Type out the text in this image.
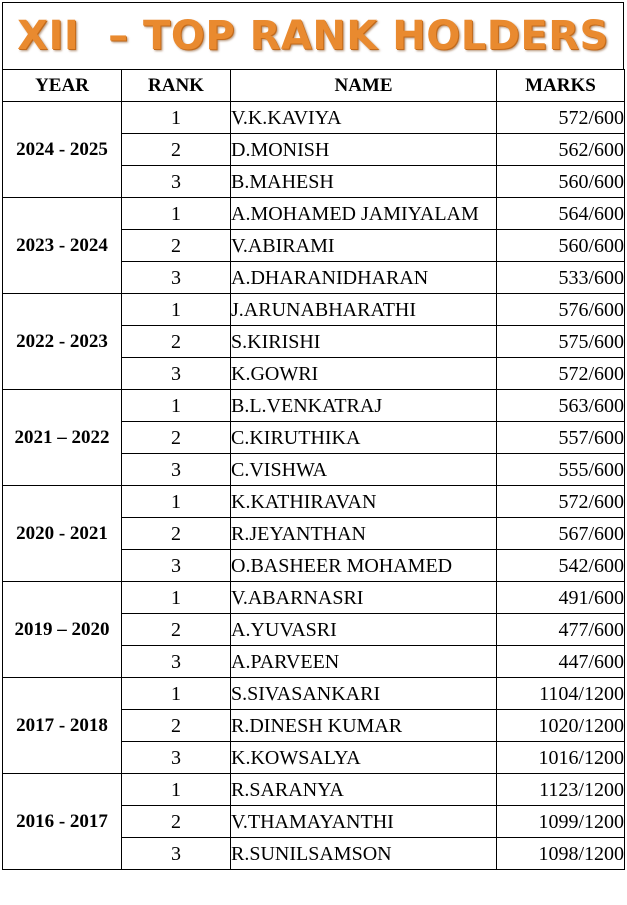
XII  – TOP RANK HOLDERS
YEAR	RANK	NAME	MARKS
2024 - 2025	1	V.K.KAVIYA	572/600
	2	D.MONISH	562/600
	3	B.MAHESH	560/600
2023 - 2024	1	A.MOHAMED JAMIYALAM	564/600
	2	V.ABIRAMI	560/600
	3	A.DHARANIDHARAN	533/600
2022 - 2023	1	J.ARUNABHARATHI	576/600
	2	S.KIRISHI	575/600
	3	K.GOWRI	572/600
2021 – 2022	1	B.L.VENKATRAJ	563/600
	2	C.KIRUTHIKA	557/600
	3	C.VISHWA	555/600
2020 - 2021	1	K.KATHIRAVAN	572/600
	2	R.JEYANTHAN	567/600
	3	O.BASHEER MOHAMED	542/600
2019 – 2020	1	V.ABARNASRI	491/600
	2	A.YUVASRI	477/600
	3	A.PARVEEN	447/600
2017 - 2018	1	S.SIVASANKARI	1104/1200
	2	R.DINESH KUMAR	1020/1200
	3	K.KOWSALYA	1016/1200
2016 - 2017	1	R.SARANYA	1123/1200
	2	V.THAMAYANTHI	1099/1200
	3	R.SUNILSAMSON	1098/1200
